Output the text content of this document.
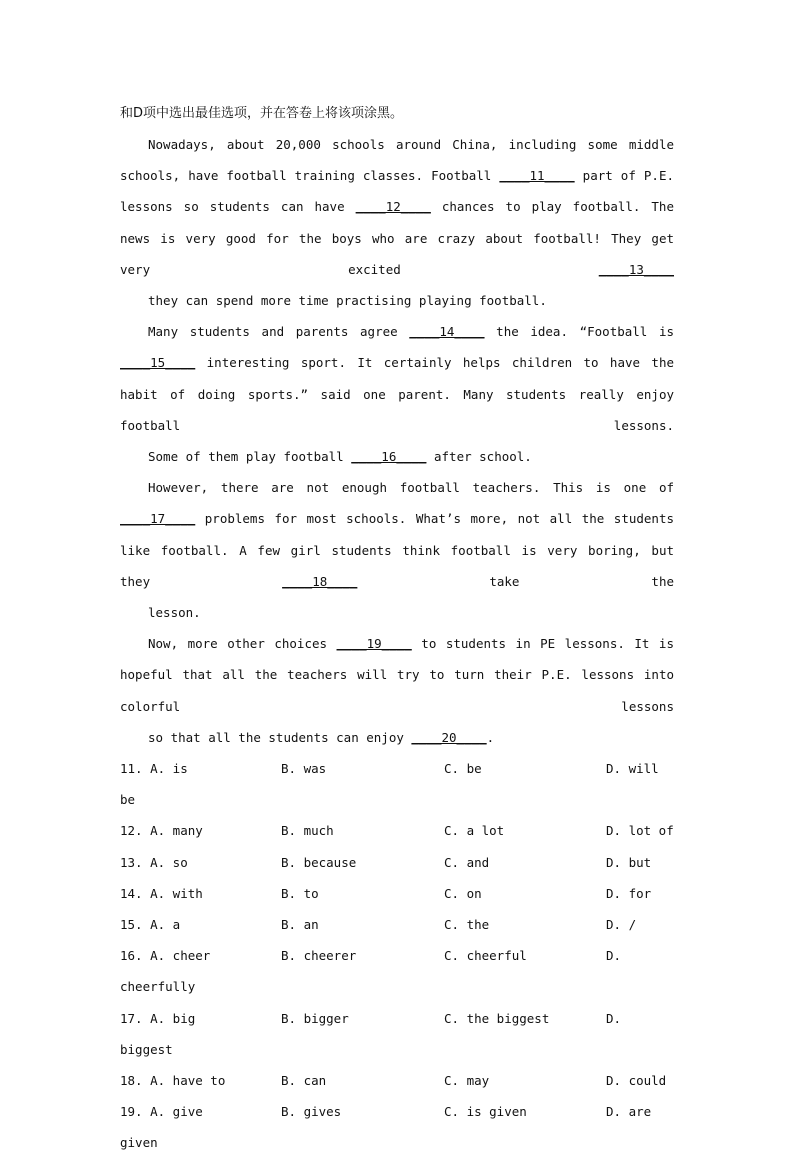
和D项中选出最佳选项，并在答卷上将该项涂黑。

Nowadays, about 20,000 schools around China, including some middle schools, have football training classes. Football ____11____ part of P.E. lessons so students can have ____12____ chances to play football. The news is very good for the boys who are crazy about football! They get very excited ____13____
they can spend more time practising playing football.

Many students and parents agree ____14____ the idea. “Football is ____15____ interesting sport. It certainly helps children to have the habit of doing sports.” said one parent. Many students really enjoy football lessons.
Some of them play football ____16____ after school.

However, there are not enough football teachers. This is one of ____17____ problems for most schools. What’s more, not all the students like football. A few girl students think football is very boring, but they ____18____ take the
lesson.

Now, more other choices ____19____ to students in PE lessons. It is hopeful that all the teachers will try to turn their P.E. lessons into colorful lessons
so that all the students can enjoy ____20____.

11. A. is	B. was	C. be	D. will
be
12. A. many	B. much	C. a lot	D. lot of
13. A. so	B. because	C. and	D. but
14. A. with	B. to	C. on	D. for
15. A. a	B. an	C. the	D. /
16. A. cheer	B. cheerer	C. cheerful	D.
cheerfully
17. A. big	B. bigger	C. the biggest	D.
biggest
18. A. have to	B. can	C. may	D. could
19. A. give	B. gives	C. is given	D. are
given
